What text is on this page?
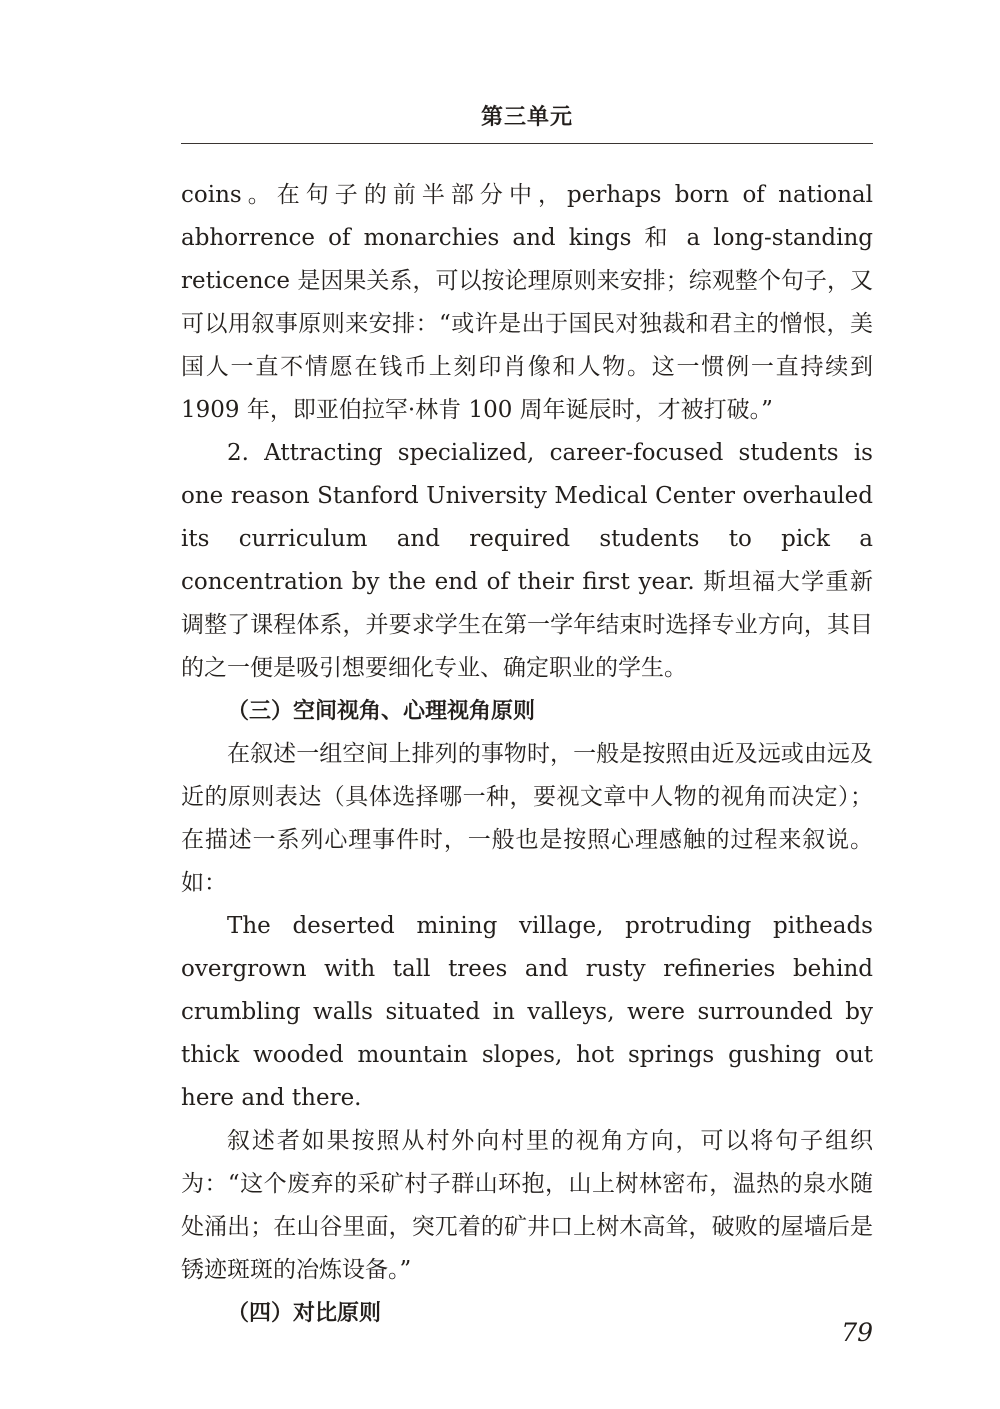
第三单元

coins。在句子的前半部分中，perhaps born of national abhorrence of monarchies and kings 和 a long-standing reticence 是因果关系，可以按论理原则来安排；综观整个句子，又可以用叙事原则来安排：“或许是出于国民对独裁和君主的憎恨，美国人一直不情愿在钱币上刻印肖像和人物。这一惯例一直持续到 1909 年，即亚伯拉罕·林肯 100 周年诞辰时，才被打破。”

2. Attracting specialized, career-focused students is one reason Stanford University Medical Center overhauled its curriculum and required students to pick a concentration by the end of their first year. 斯坦福大学重新调整了课程体系，并要求学生在第一学年结束时选择专业方向，其目的之一便是吸引想要细化专业、确定职业的学生。

（三）空间视角、心理视角原则

在叙述一组空间上排列的事物时，一般是按照由近及远或由远及近的原则表达（具体选择哪一种，要视文章中人物的视角而决定）；在描述一系列心理事件时，一般也是按照心理感触的过程来叙说。如：

The deserted mining village, protruding pitheads overgrown with tall trees and rusty refineries behind crumbling walls situated in valleys, were surrounded by thick wooded mountain slopes, hot springs gushing out here and there.

叙述者如果按照从村外向村里的视角方向，可以将句子组织为：“这个废弃的采矿村子群山环抱，山上树林密布，温热的泉水随处涌出；在山谷里面，突兀着的矿井口上树木高耸，破败的屋墙后是锈迹斑斑的冶炼设备。”

（四）对比原则

79
